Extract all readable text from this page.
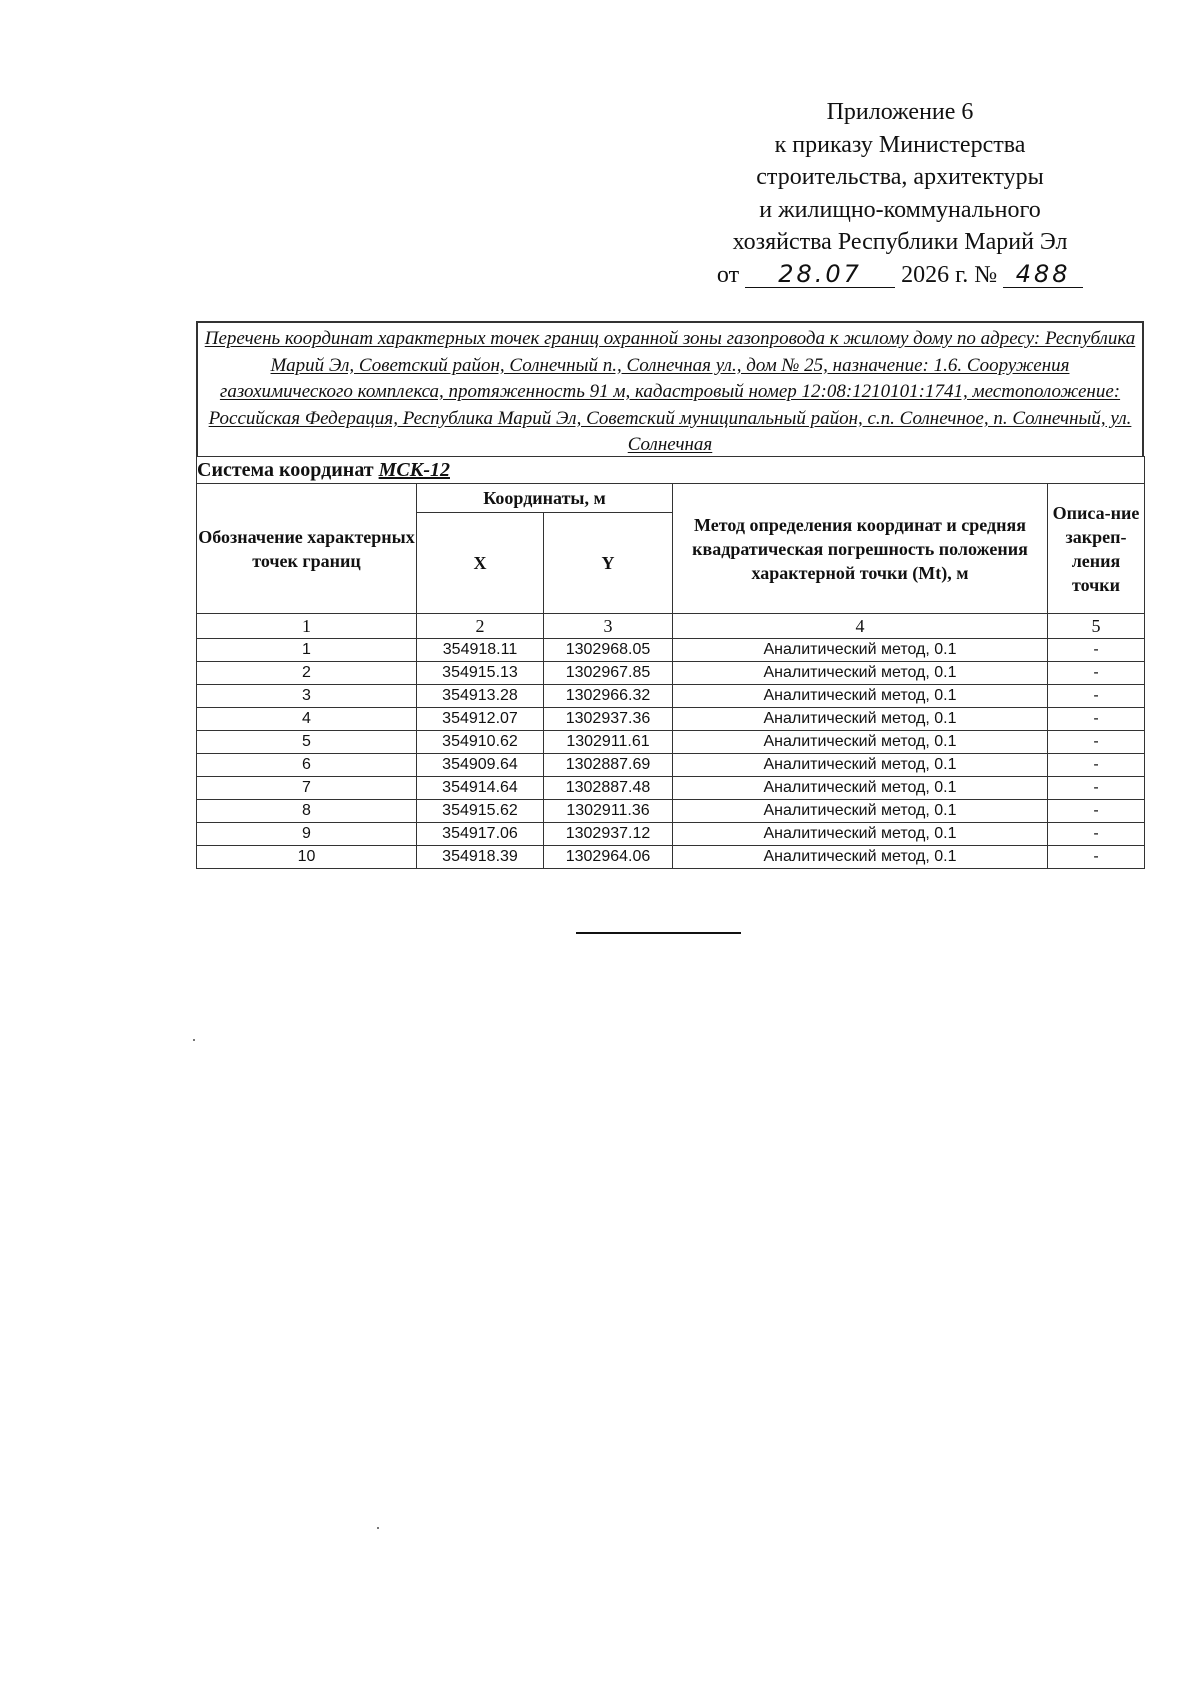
Приложение 6
к приказу Министерства
строительства, архитектуры
и жилищно-коммунального
хозяйства Республики Марий Эл
от 28.07 2026 г. № 488
Перечень координат характерных точек границ охранной зоны газопровода к жилому дому по адресу: Республика Марий Эл, Советский район, Солнечный п., Солнечная ул., дом № 25, назначение: 1.6. Сооружения газохимического комплекса, протяженность 91 м, кадастровый номер 12:08:1210101:1741, местоположение: Российская Федерация, Республика Марий Эл, Советский муниципальный район, с.п. Солнечное, п. Солнечный, ул. Солнечная
Система координат МСК-12				
Обозначение характерных точек границ	Координаты, м		Метод определения координат и средняя квадратическая погрешность положения характерной точки (Mt), м	Описа-ние закреп-ления точки
	X	Y		
1	2	3	4	5
1	354918.11	1302968.05	Аналитический метод, 0.1	-
2	354915.13	1302967.85	Аналитический метод, 0.1	-
3	354913.28	1302966.32	Аналитический метод, 0.1	-
4	354912.07	1302937.36	Аналитический метод, 0.1	-
5	354910.62	1302911.61	Аналитический метод, 0.1	-
6	354909.64	1302887.69	Аналитический метод, 0.1	-
7	354914.64	1302887.48	Аналитический метод, 0.1	-
8	354915.62	1302911.36	Аналитический метод, 0.1	-
9	354917.06	1302937.12	Аналитический метод, 0.1	-
10	354918.39	1302964.06	Аналитический метод, 0.1	-
